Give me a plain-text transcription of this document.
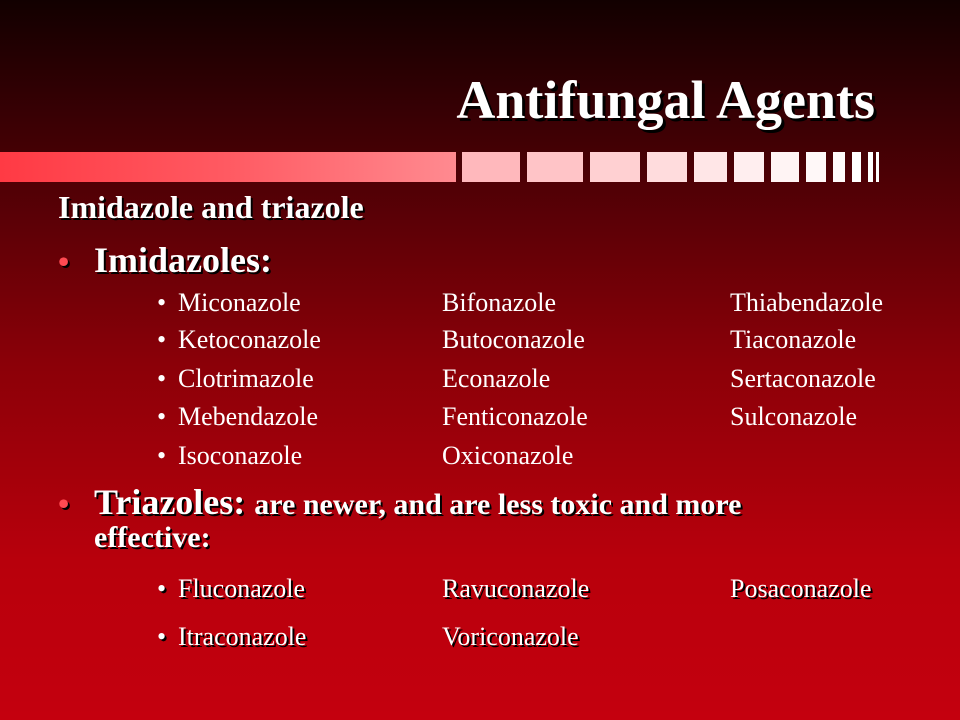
Antifungal Agents
Imidazole and triazole
• Imidazoles:
• Miconazole	Bifonazole	Thiabendazole
• Ketoconazole	Butoconazole	Tiaconazole
• Clotrimazole	Econazole	Sertaconazole
• Mebendazole	Fenticonazole	Sulconazole
• Isoconazole	Oxiconazole
• Triazoles: are newer, and are less toxic and more
effective:
• Fluconazole	Ravuconazole	Posaconazole
• Itraconazole	Voriconazole
